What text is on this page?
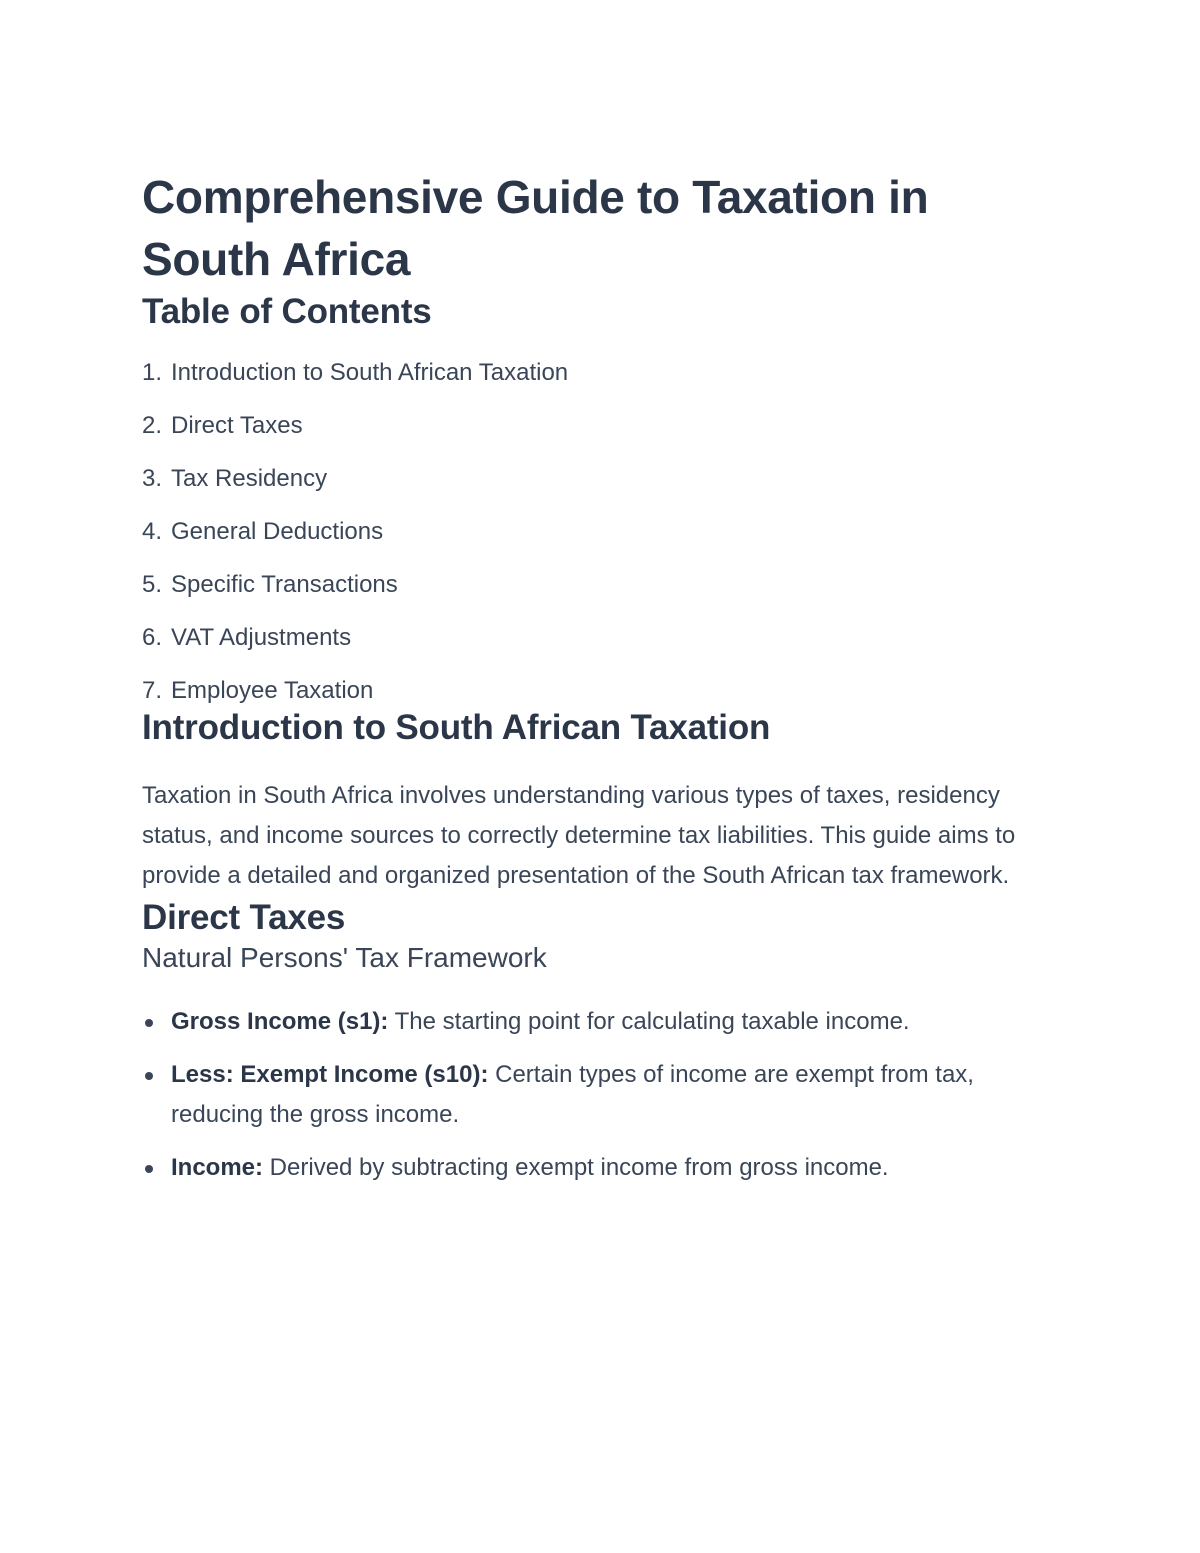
Comprehensive Guide to Taxation in South Africa
Table of Contents
1. Introduction to South African Taxation
2. Direct Taxes
3. Tax Residency
4. General Deductions
5. Specific Transactions
6. VAT Adjustments
7. Employee Taxation
Introduction to South African Taxation

Taxation in South Africa involves understanding various types of taxes, residency status, and income sources to correctly determine tax liabilities. This guide aims to provide a detailed and organized presentation of the South African tax framework.

Direct Taxes
Natural Persons' Tax Framework
Gross Income (s1): The starting point for calculating taxable income.
Less: Exempt Income (s10): Certain types of income are exempt from tax, reducing the gross income.
Income: Derived by subtracting exempt income from gross income.
